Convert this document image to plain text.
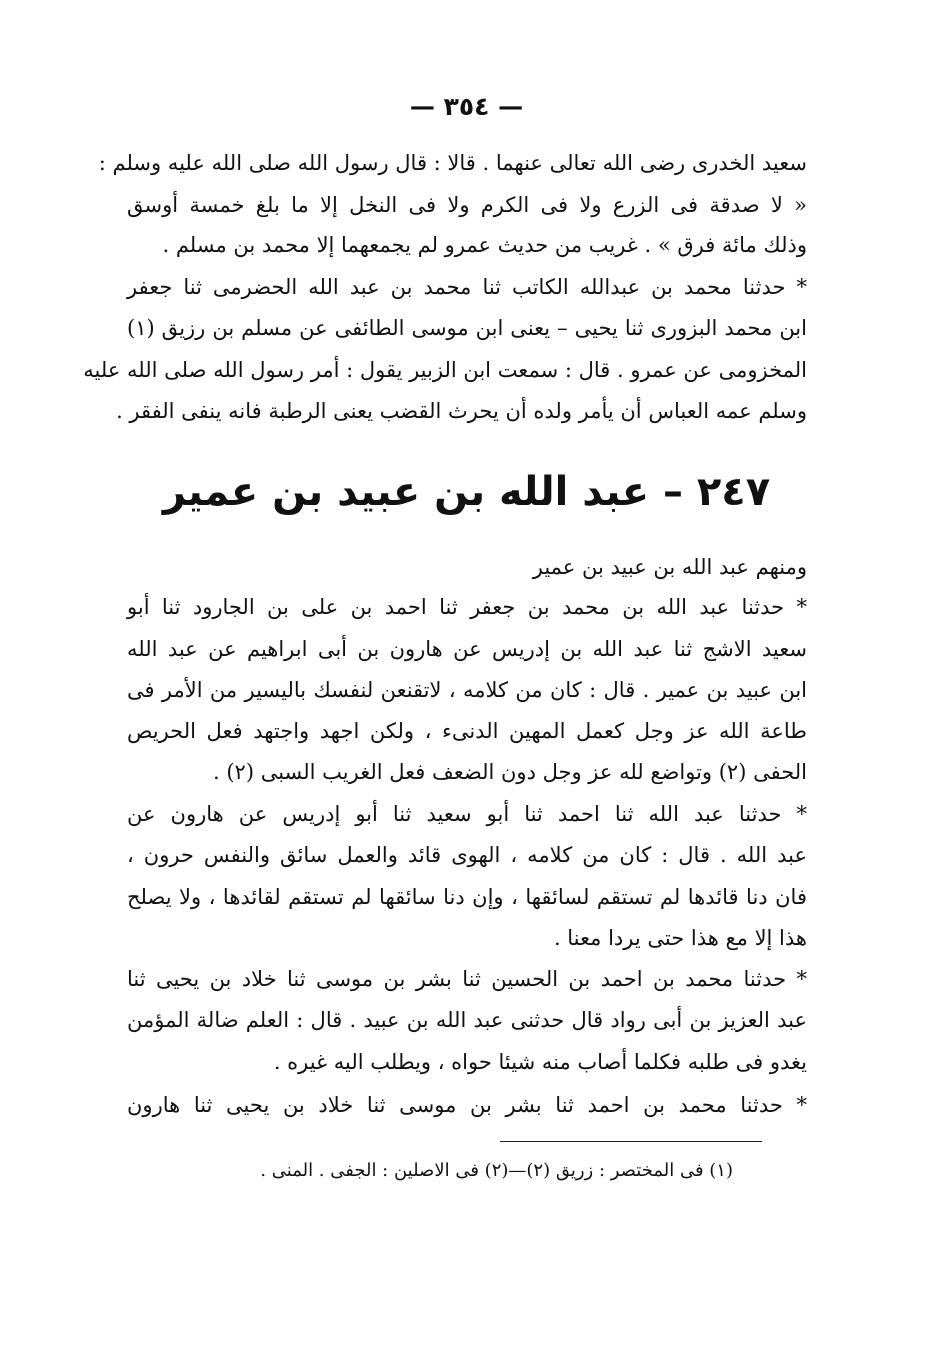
— ٣٥٤ —
سعيد الخدرى رضى الله تعالى عنهما . قالا : قال رسول الله صلى الله عليه وسلم :
« لا صدقة فى الزرع ولا فى الكرم ولا فى النخل إلا ما بلغ خمسة أوسق
وذلك مائة فرق » . غريب من حديث عمرو لم يجمعهما إلا محمد بن مسلم .
* حدثنا محمد بن عبدالله الكاتب ثنا محمد بن عبد الله الحضرمى ثنا جعفر
ابن محمد البزورى ثنا يحيى – يعنى ابن موسى الطائفى عن مسلم بن رزيق (١)
المخزومى عن عمرو . قال : سمعت ابن الزبير يقول : أمر رسول الله صلى الله عليه
وسلم عمه العباس أن يأمر ولده أن يحرث القضب يعنى الرطبة فانه ينفى الفقر .
٢٤٧ – عبد الله بن عبيد بن عمير
ومنهم عبد الله بن عبيد بن عمير
* حدثنا عبد الله بن محمد بن جعفر ثنا احمد بن على بن الجارود ثنا أبو
سعيد الاشج ثنا عبد الله بن إدريس عن هارون بن أبى ابراهيم عن عبد الله
ابن عبيد بن عمير . قال : كان من كلامه ، لاتقنعن لنفسك باليسير من الأمر فى
طاعة الله عز وجل كعمل المهين الدنىء ، ولكن اجهد واجتهد فعل الحريص
الحفى (٢) وتواضع لله عز وجل دون الضعف فعل الغريب السبى (٢) .
* حدثنا عبد الله ثنا احمد ثنا أبو سعيد ثنا أبو إدريس عن هارون عن
عبد الله . قال : كان من كلامه ، الهوى قائد والعمل سائق والنفس حرون ،
فان دنا قائدها لم تستقم لسائقها ، وإن دنا سائقها لم تستقم لقائدها ، ولا يصلح
هذا إلا مع هذا حتى يردا معنا .
* حدثنا محمد بن احمد بن الحسين ثنا بشر بن موسى ثنا خلاد بن يحيى ثنا
عبد العزيز بن أبى رواد قال حدثنى عبد الله بن عبيد . قال : العلم ضالة المؤمن
يغدو فى طلبه فكلما أصاب منه شيئا حواه ، ويطلب اليه غيره .
* حدثنا محمد بن احمد ثنا بشر بن موسى ثنا خلاد بن يحيى ثنا هارون
(١) فى المختصر : زريق (٢)—(٢) فى الاصلين : الجفى . المنى .
